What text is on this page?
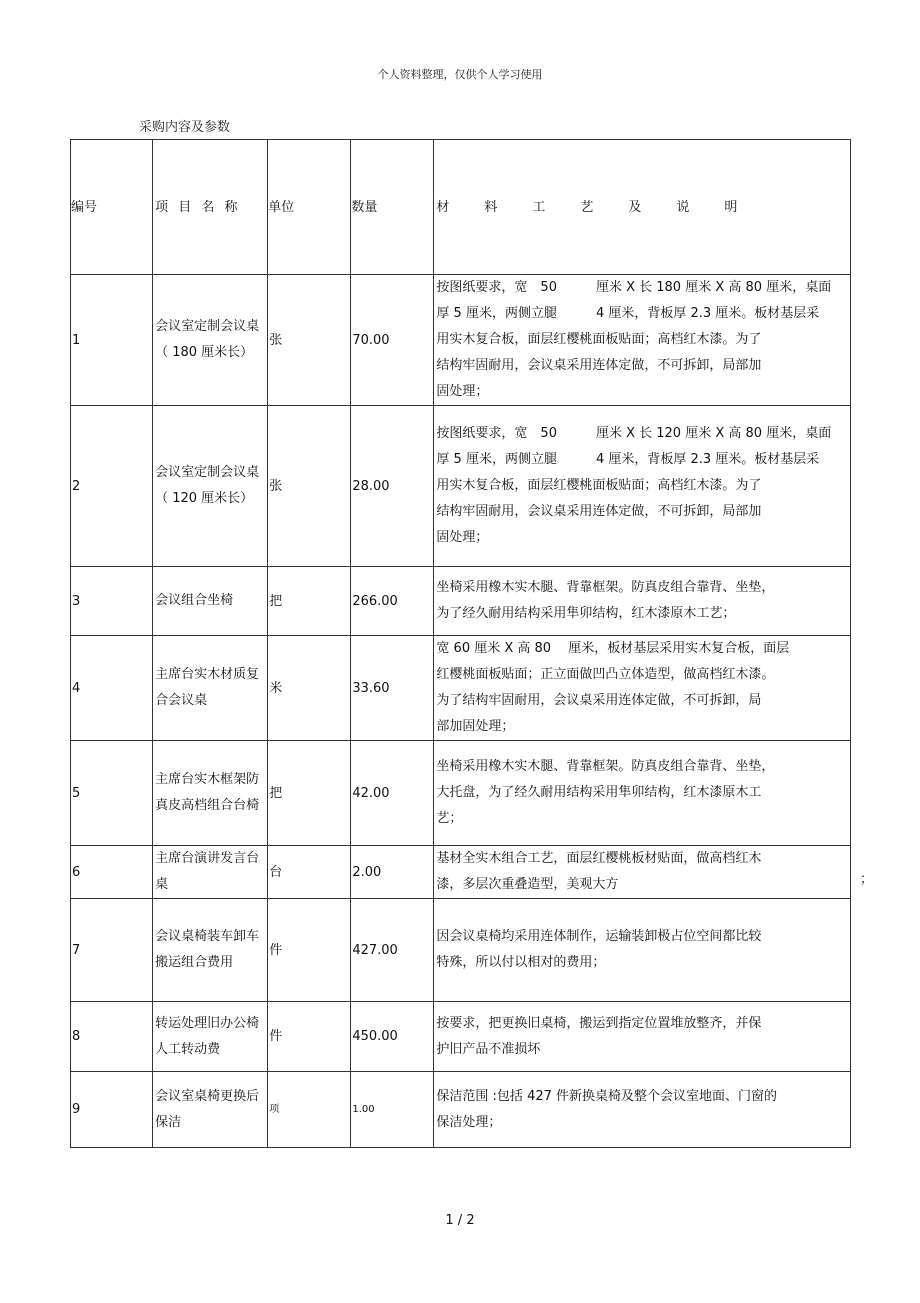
个人资料整理，仅供个人学习使用
采购内容及参数
编号	项 目 名 称	单位	数量	材 料 工 艺 及 说 明
1	会议室定制会议桌（ 180 厘米长）	张	70.00	按图纸要求，宽　50　　　厘米 X 长 180 厘米 X 高 80 厘米，桌面
厚 5 厘米，两侧立腿　　　4 厘米，背板厚 2.3 厘米。板材基层采
用实木复合板，面层红樱桃面板贴面；高档红木漆。为了
结构牢固耐用，会议桌采用连体定做，不可拆卸，局部加
固处理；

2	会议室定制会议桌（ 120 厘米长）	张	28.00	按图纸要求，宽　50　　　厘米 X 长 120 厘米 X 高 80 厘米，桌面
厚 5 厘米，两侧立腿　　　4 厘米，背板厚 2.3 厘米。板材基层采
用实木复合板，面层红樱桃面板贴面；高档红木漆。为了
结构牢固耐用，会议桌采用连体定做，不可拆卸，局部加
固处理；

3	会议组合坐椅	把	266.00	坐椅采用橡木实木腿、背靠框架。防真皮组合靠背、坐垫，
为了经久耐用结构采用隼卯结构，红木漆原木工艺；

4	主席台实木材质复合会议桌	米	33.60	宽 60 厘米 X 高 80　 厘米，板材基层采用实木复合板，面层
红樱桃面板贴面；正立面做凹凸立体造型，做高档红木漆。
为了结构牢固耐用，会议桌采用连体定做，不可拆卸，局
部加固处理；

5	主席台实木框架防真皮高档组合台椅	把	42.00	坐椅采用橡木实木腿、背靠框架。防真皮组合靠背、坐垫，
大托盘，为了经久耐用结构采用隼卯结构，红木漆原木工
艺；

6	主席台演讲发言台桌	台	2.00	基材全实木组合工艺，面层红樱桃板材贴面，做高档红木
漆，多层次重叠造型，美观大方

7	会议桌椅装车卸车搬运组合费用	件	427.00	因会议桌椅均采用连体制作，运输装卸极占位空间都比较
特殊，所以付以相对的费用；

8	转运处理旧办公椅人工转动费	件	450.00	按要求，把更换旧桌椅，搬运到指定位置堆放整齐，并保
护旧产品不准损坏

9	会议室桌椅更换后保洁	项	1.00	保洁范围 :包括 427 件新换桌椅及整个会议室地面、门窗的
保洁处理；
；
1 / 2
